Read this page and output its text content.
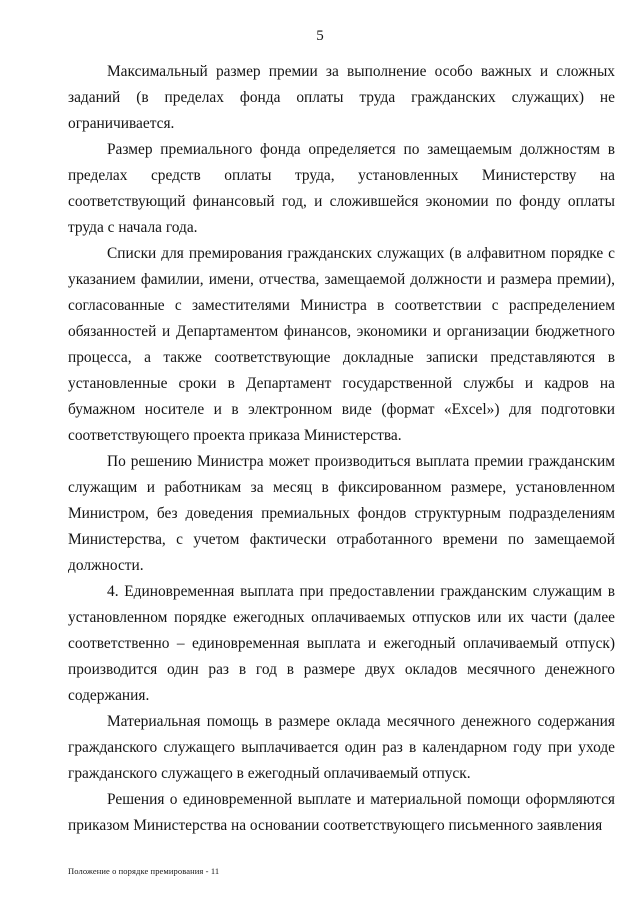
5

Максимальный размер премии за выполнение особо важных и сложных заданий (в пределах фонда оплаты труда гражданских служащих) не ограничивается.

Размер премиального фонда определяется по замещаемым должностям в пределах средств оплаты труда, установленных Министерству на соответствующий финансовый год, и сложившейся экономии по фонду оплаты труда с начала года.

Списки для премирования гражданских служащих (в алфавитном порядке с указанием фамилии, имени, отчества, замещаемой должности и размера премии), согласованные с заместителями Министра в соответствии с распределением обязанностей и Департаментом финансов, экономики и организации бюджетного процесса, а также соответствующие докладные записки представляются в установленные сроки в Департамент государственной службы и кадров на бумажном носителе и в электронном виде (формат «Excel») для подготовки соответствующего проекта приказа Министерства.

По решению Министра может производиться выплата премии гражданским служащим и работникам за месяц в фиксированном размере, установленном Министром, без доведения премиальных фондов структурным подразделениям Министерства, с учетом фактически отработанного времени по замещаемой должности.

4. Единовременная выплата при предоставлении гражданским служащим в установленном порядке ежегодных оплачиваемых отпусков или их части (далее соответственно – единовременная выплата и ежегодный оплачиваемый отпуск) производится один раз в год в размере двух окладов месячного денежного содержания.

Материальная помощь в размере оклада месячного денежного содержания гражданского служащего выплачивается один раз в календарном году при уходе гражданского служащего в ежегодный оплачиваемый отпуск.

Решения о единовременной выплате и материальной помощи оформляются приказом Министерства на основании соответствующего письменного заявления

Положение о порядке премирования - 11
